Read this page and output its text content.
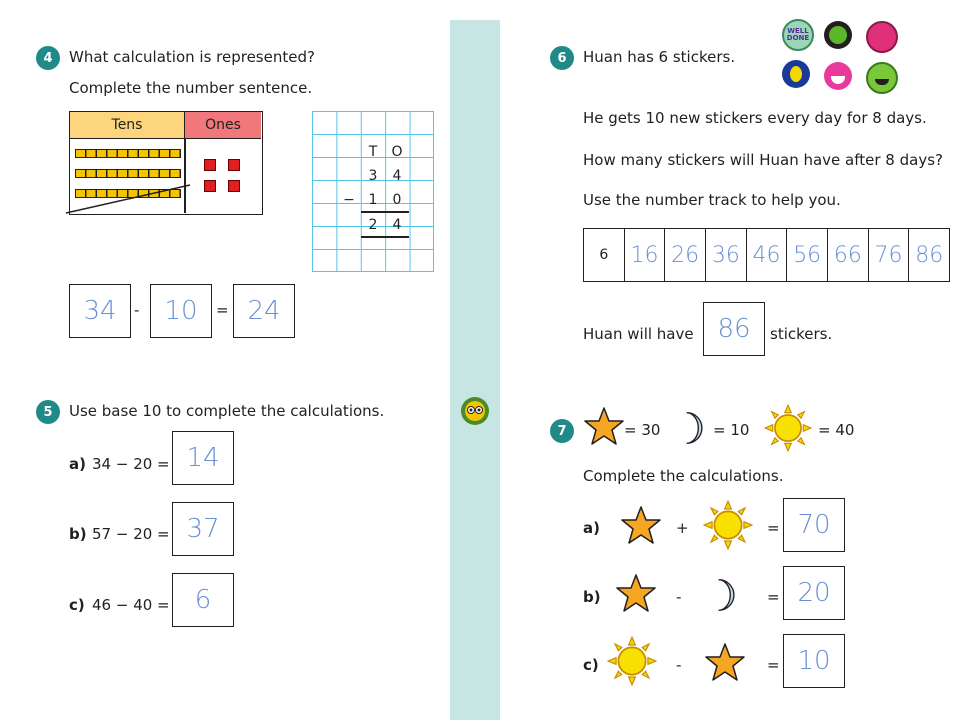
4	What calculation is represented?
Complete the number sentence.
Tens	Ones
T	O
3	4
− 1	0
2	4
34 - 10 = 24
5	Use base 10 to complete the calculations.
a) 34 − 20 = 14
b) 57 − 20 = 37
c) 46 − 40 = 6
6	Huan has 6 stickers.
WELL DONE
He gets 10 new stickers every day for 8 days.
How many stickers will Huan have after 8 days?
Use the number track to help you.
6 16 26 36 46 56 66 76 86
Huan will have 86 stickers.
7	= 30	= 10	= 40
Complete the calculations.
a)	+	= 70
b)	-	= 20
c)	-	= 10
